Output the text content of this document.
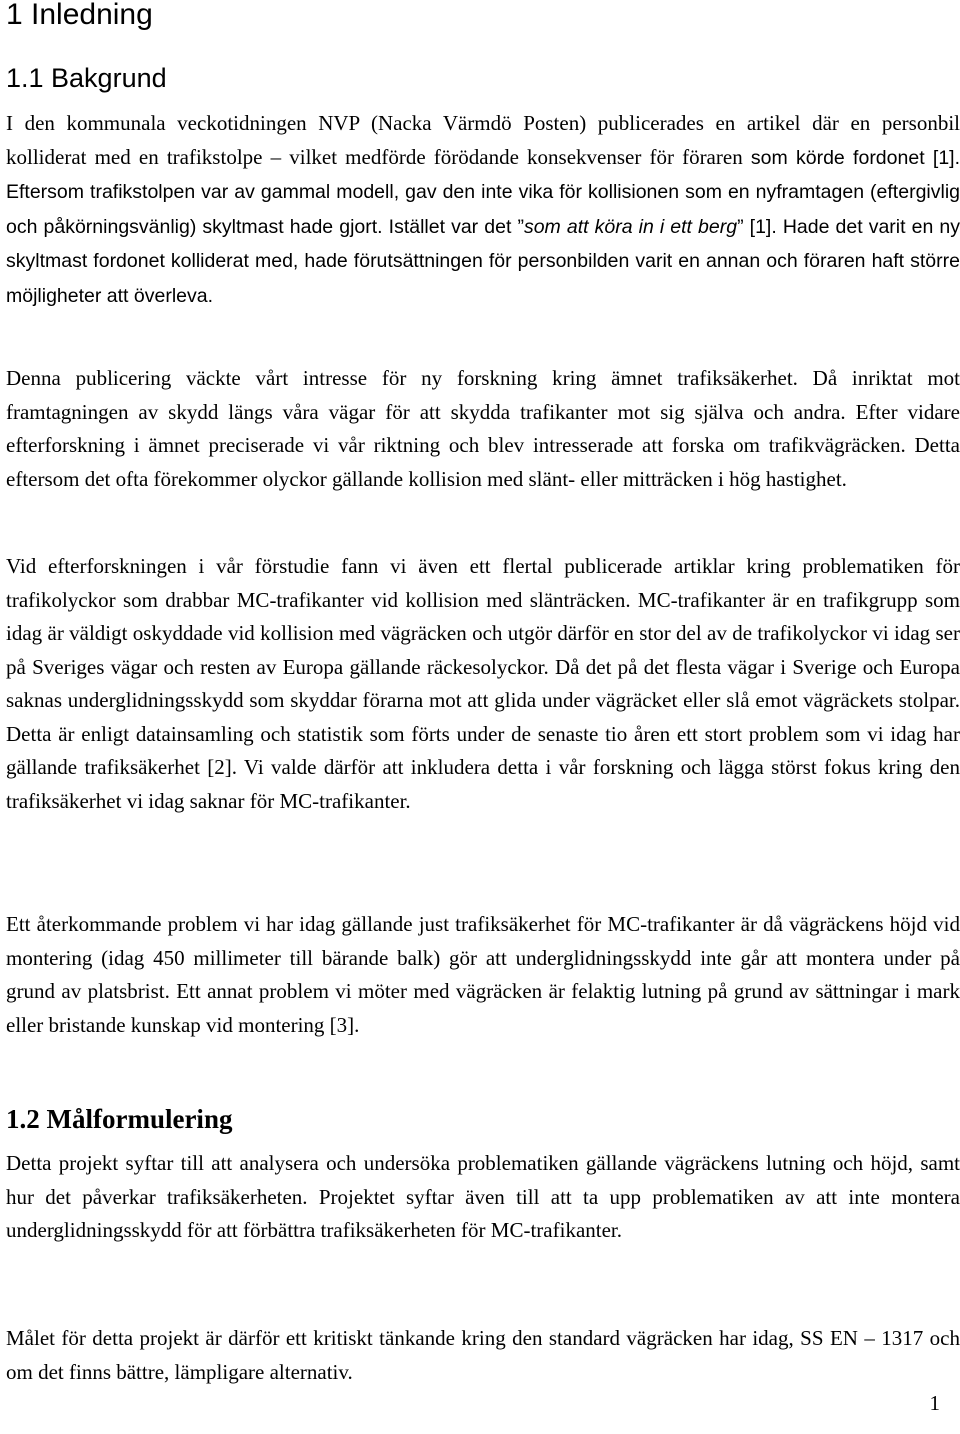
1 Inledning
1.1 Bakgrund

I den kommunala veckotidningen NVP (Nacka Värmdö Posten) publicerades en artikel där en personbil kolliderat med en trafikstolpe – vilket medförde förödande konsekvenser för föraren som körde fordonet [1]. Eftersom trafikstolpen var av gammal modell, gav den inte vika för kollisionen som en nyframtagen (eftergivlig och påkörningsvänlig) skyltmast hade gjort. Istället var det ”som att köra in i ett berg” [1]. Hade det varit en ny skyltmast fordonet kolliderat med, hade förutsättningen för personbilden varit en annan och föraren haft större möjligheter att överleva.

Denna publicering väckte vårt intresse för ny forskning kring ämnet trafiksäkerhet. Då inriktat mot framtagningen av skydd längs våra vägar för att skydda trafikanter mot sig själva och andra. Efter vidare efterforskning i ämnet preciserade vi vår riktning och blev intresserade att forska om trafikvägräcken. Detta eftersom det ofta förekommer olyckor gällande kollision med slänt- eller mitträcken i hög hastighet.

Vid efterforskningen i vår förstudie fann vi även ett flertal publicerade artiklar kring problematiken för trafikolyckor som drabbar MC-trafikanter vid kollision med slänträcken. MC-trafikanter är en trafikgrupp som idag är väldigt oskyddade vid kollision med vägräcken och utgör därför en stor del av de trafikolyckor vi idag ser på Sveriges vägar och resten av Europa gällande räckesolyckor. Då det på det flesta vägar i Sverige och Europa saknas underglidningsskydd som skyddar förarna mot att glida under vägräcket eller slå emot vägräckets stolpar. Detta är enligt datainsamling och statistik som förts under de senaste tio åren ett stort problem som vi idag har gällande trafiksäkerhet [2]. Vi valde därför att inkludera detta i vår forskning och lägga störst fokus kring den trafiksäkerhet vi idag saknar för MC-trafikanter.

Ett återkommande problem vi har idag gällande just trafiksäkerhet för MC-trafikanter är då vägräckens höjd vid montering (idag 450 millimeter till bärande balk) gör att underglidningsskydd inte går att montera under på grund av platsbrist. Ett annat problem vi möter med vägräcken är felaktig lutning på grund av sättningar i mark eller bristande kunskap vid montering [3].

1.2 Målformulering

Detta projekt syftar till att analysera och undersöka problematiken gällande vägräckens lutning och höjd, samt hur det påverkar trafiksäkerheten. Projektet syftar även till att ta upp problematiken av att inte montera underglidningsskydd för att förbättra trafiksäkerheten för MC-trafikanter.

Målet för detta projekt är därför ett kritiskt tänkande kring den standard vägräcken har idag, SS EN – 1317 och om det finns bättre, lämpligare alternativ.

1
